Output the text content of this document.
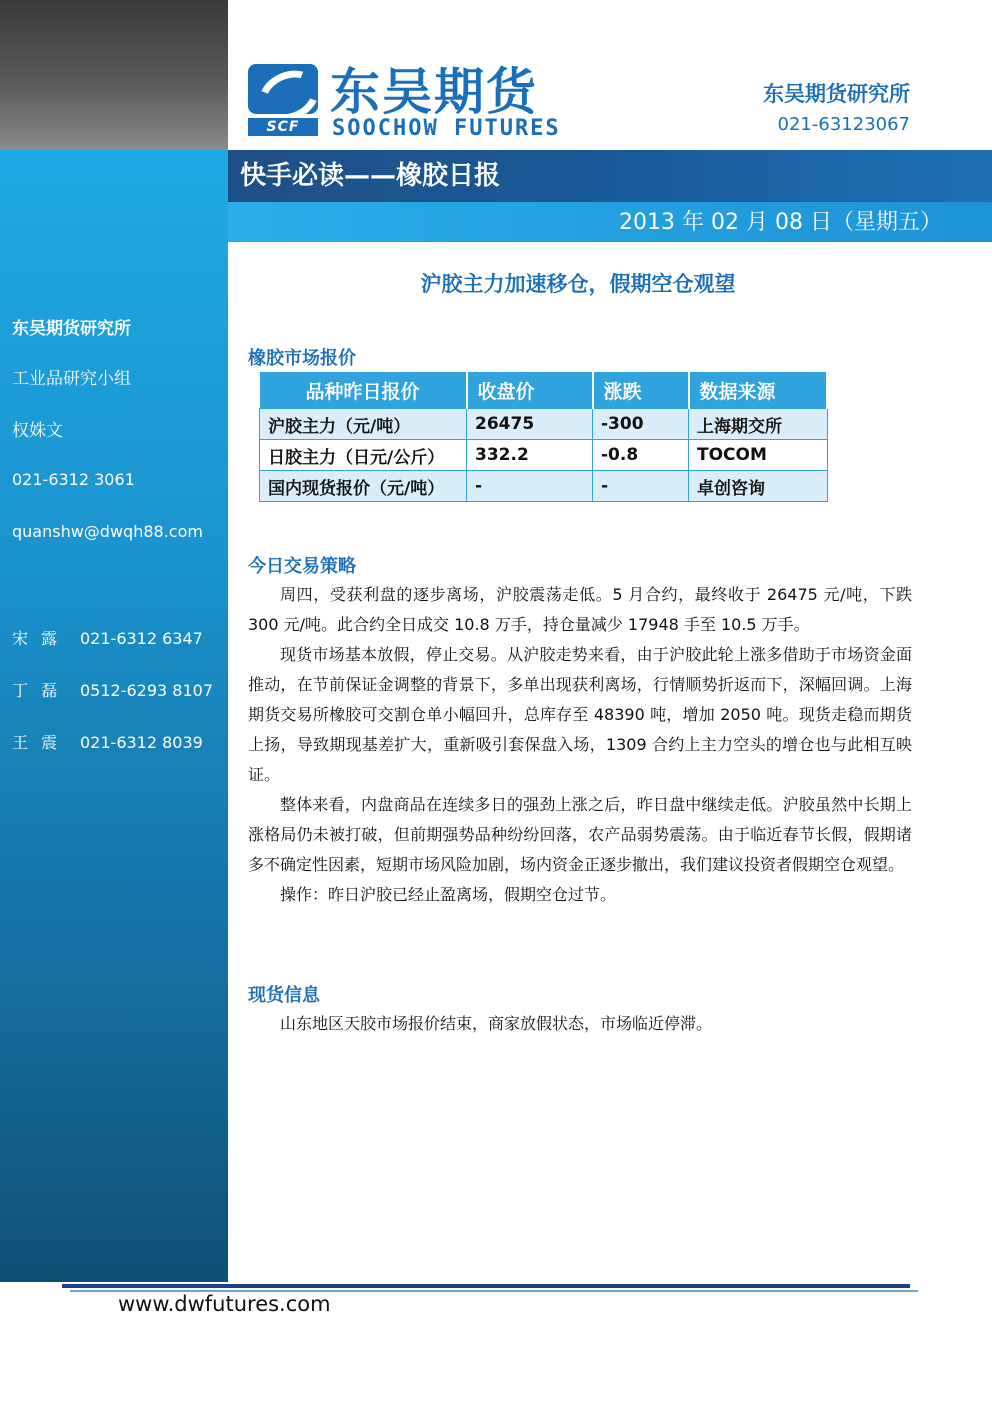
东吴期货研究所
工业品研究小组
权姝文
021-6312 3061
quanshw@dwqh88.com
宋 露 021-6312 6347
丁 磊 0512-6293 8107
王 震 021-6312 8039
SCF
东吴期货
SOOCHOW FUTURES
东吴期货研究所
021-63123067
快手必读——橡胶日报
2013 年 02 月 08 日（星期五）
沪胶主力加速移仓，假期空仓观望
橡胶市场报价
品种昨日报价	收盘价	涨跌	数据来源
沪胶主力（元/吨）	26475	-300	上海期交所
日胶主力（日元/公斤）	332.2	-0.8	TOCOM
国内现货报价（元/吨）	-	-	卓创咨询
今日交易策略

周四，受获利盘的逐步离场，沪胶震荡走低。5 月合约，最终收于 26475 元/吨，下跌 300 元/吨。此合约全日成交 10.8 万手，持仓量减少 17948 手至 10.5 万手。

现货市场基本放假，停止交易。从沪胶走势来看，由于沪胶此轮上涨多借助于市场资金面推动，在节前保证金调整的背景下，多单出现获利离场，行情顺势折返而下，深幅回调。上海期货交易所橡胶可交割仓单小幅回升，总库存至 48390 吨，增加 2050 吨。现货走稳而期货上扬，导致期现基差扩大，重新吸引套保盘入场，1309 合约上主力空头的增仓也与此相互映证。

整体来看，内盘商品在连续多日的强劲上涨之后，昨日盘中继续走低。沪胶虽然中长期上涨格局仍未被打破，但前期强势品种纷纷回落，农产品弱势震荡。由于临近春节长假，假期诸多不确定性因素，短期市场风险加剧，场内资金正逐步撤出，我们建议投资者假期空仓观望。

操作：昨日沪胶已经止盈离场，假期空仓过节。

现货信息

山东地区天胶市场报价结束，商家放假状态，市场临近停滞。

www.dwfutures.com
